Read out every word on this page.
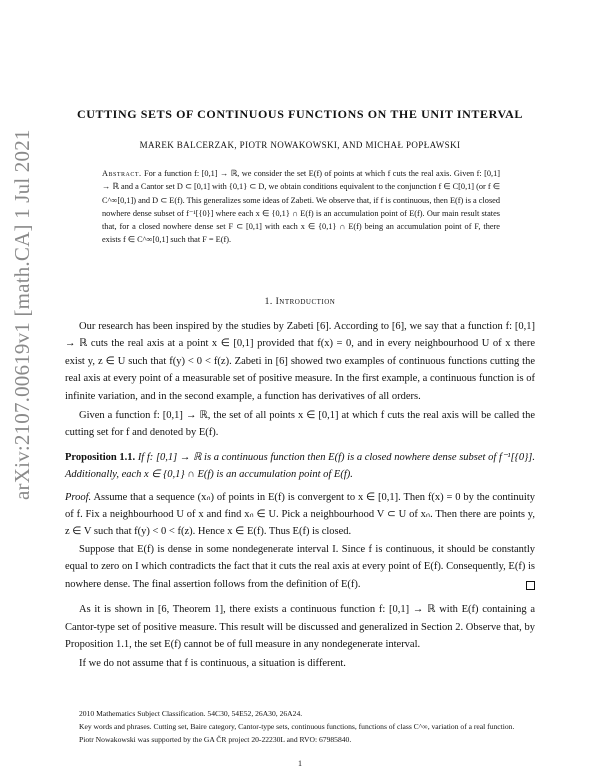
arXiv:2107.00619v1 [math.CA] 1 Jul 2021
CUTTING SETS OF CONTINUOUS FUNCTIONS ON THE UNIT INTERVAL
MAREK BALCERZAK, PIOTR NOWAKOWSKI, AND MICHAŁ POPŁAWSKI
Abstract. For a function f: [0,1] → ℝ, we consider the set E(f) of points at which f cuts the real axis. Given f: [0,1] → ℝ and a Cantor set D ⊂ [0,1] with {0,1} ⊂ D, we obtain conditions equivalent to the conjunction f ∈ C[0,1] (or f ∈ C^∞[0,1]) and D ⊂ E(f). This generalizes some ideas of Zabeti. We observe that, if f is continuous, then E(f) is a closed nowhere dense subset of f⁻¹[{0}] where each x ∈ {0,1} ∩ E(f) is an accumulation point of E(f). Our main result states that, for a closed nowhere dense set F ⊂ [0,1] with each x ∈ {0,1} ∩ E(f) being an accumulation point of F, there exists f ∈ C^∞[0,1] such that F = E(f).
1. Introduction

Our research has been inspired by the studies by Zabeti [6]. According to [6], we say that a function f: [0,1] → ℝ cuts the real axis at a point x ∈ [0,1] provided that f(x) = 0, and in every neighbourhood U of x there exist y, z ∈ U such that f(y) < 0 < f(z). Zabeti in [6] showed two examples of continuous functions cutting the real axis at every point of a measurable set of positive measure. In the first example, a continuous function is of infinite variation, and in the second example, a function has derivatives of all orders.

Given a function f: [0,1] → ℝ, the set of all points x ∈ [0,1] at which f cuts the real axis will be called the cutting set for f and denoted by E(f).

Proposition 1.1. If f: [0,1] → ℝ is a continuous function then E(f) is a closed nowhere dense subset of f⁻¹[{0}]. Additionally, each x ∈ {0,1} ∩ E(f) is an accumulation point of E(f).

Proof. Assume that a sequence (xₙ) of points in E(f) is convergent to x ∈ [0,1]. Then f(x) = 0 by the continuity of f. Fix a neighbourhood U of x and find xₙ ∈ U. Pick a neighbourhood V ⊂ U of xₙ. Then there are points y, z ∈ V such that f(y) < 0 < f(z). Hence x ∈ E(f). Thus E(f) is closed.

Suppose that E(f) is dense in some nondegenerate interval I. Since f is continuous, it should be constantly equal to zero on I which contradicts the fact that it cuts the real axis at every point of E(f). Consequently, E(f) is nowhere dense. The final assertion follows from the definition of E(f).

As it is shown in [6, Theorem 1], there exists a continuous function f: [0,1] → ℝ with E(f) containing a Cantor-type set of positive measure. This result will be discussed and generalized in Section 2. Observe that, by Proposition 1.1, the set E(f) cannot be of full measure in any nondegenerate interval.

If we do not assume that f is continuous, a situation is different.

2010 Mathematics Subject Classification. 54C30, 54E52, 26A30, 26A24.

Key words and phrases. Cutting set, Baire category, Cantor-type sets, continuous functions, functions of class C^∞, variation of a real function.

Piotr Nowakowski was supported by the GA ČR project 20-22230L and RVO: 67985840.

1
